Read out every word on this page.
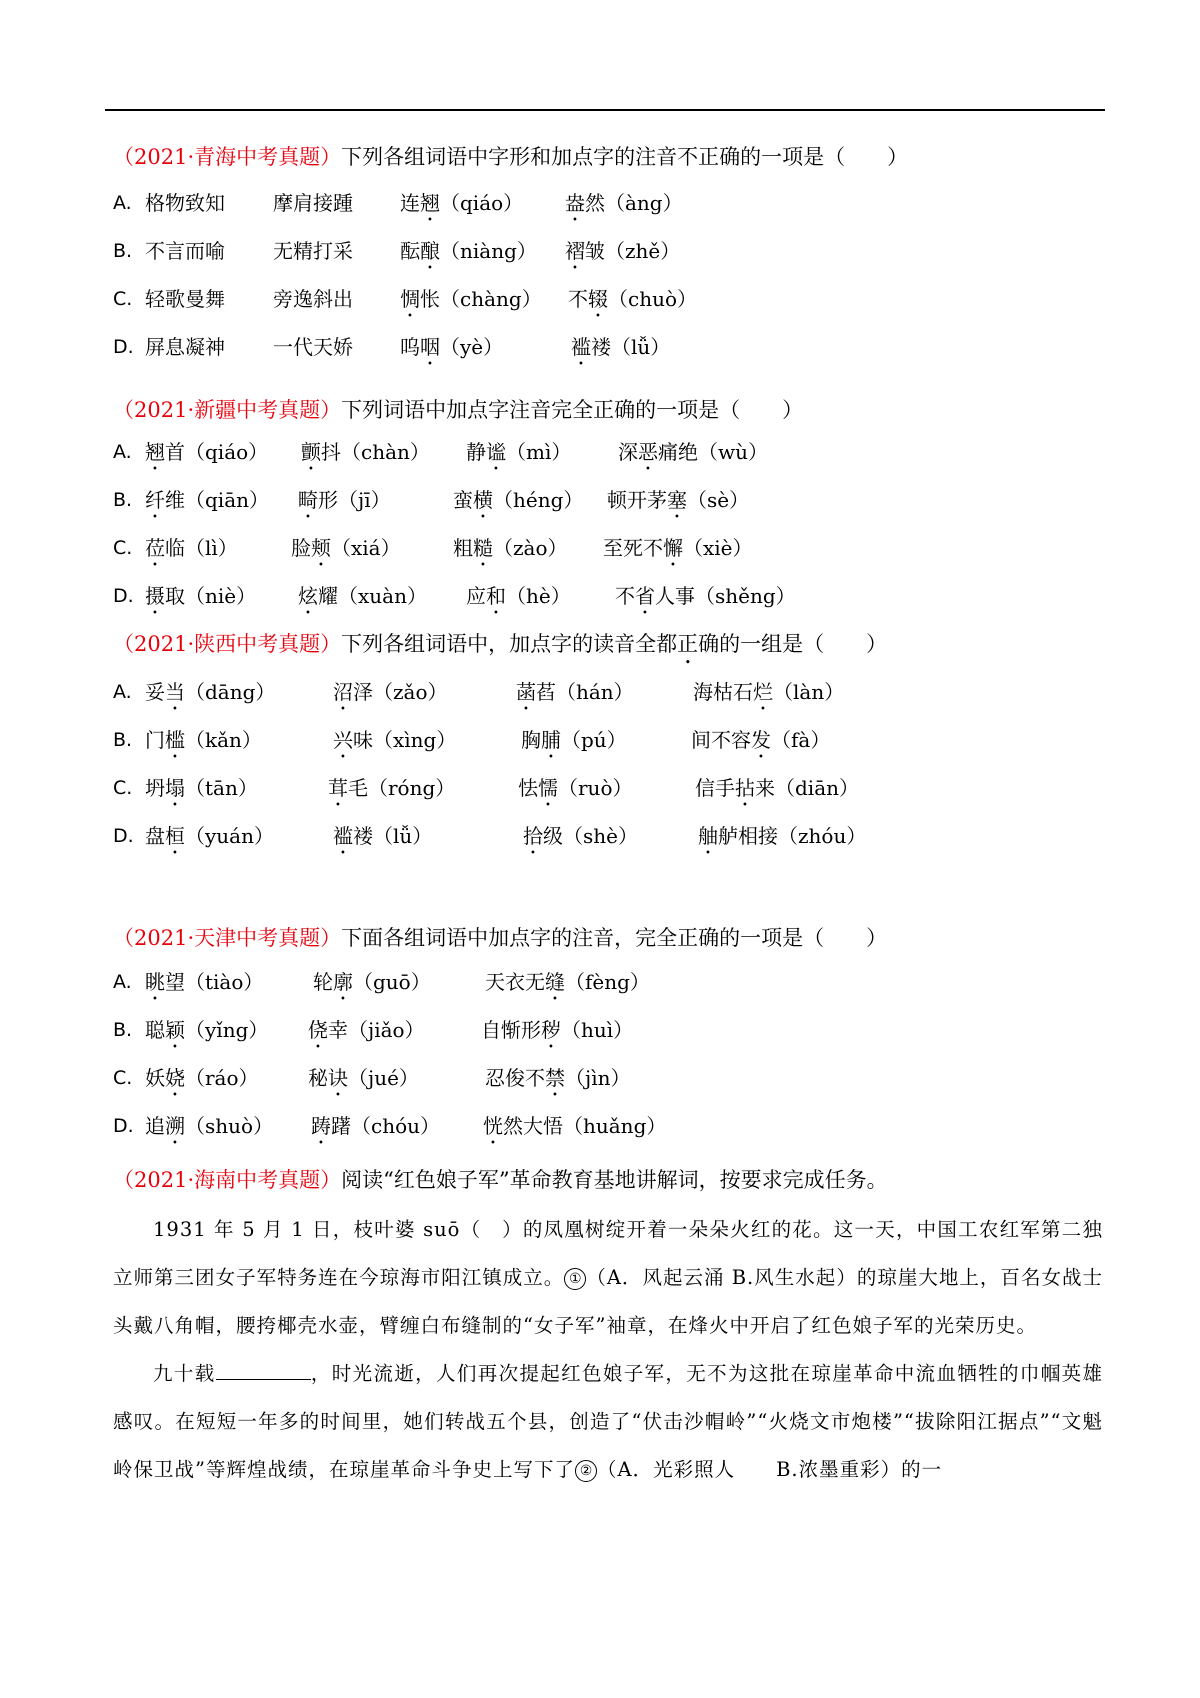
（2021·青海中考真题）下列各组词语中字形和加点字的注音不正确的一项是（　　）
A. 格物致知 摩肩接踵 连翘（qiáo） 盎然（àng）
B. 不言而喻 无精打采 酝酿（niàng） 褶皱（zhě）
C. 轻歌曼舞 旁逸斜出 惆怅（chàng） 不辍（chuò）
D. 屏息凝神 一代天娇 呜咽（yè）	褴褛（lǚ）
（2021·新疆中考真题）下列词语中加点字注音完全正确的一项是（　　）
A. 翘首（qiáo） 颤抖（chàn） 静谧（mì） 深恶痛绝（wù）
B. 纤维（qiān） 畸形（jī）	蛮横（héng） 顿开茅塞（sè）
C. 莅临（lì）	脸颊（xiá）	粗糙（zào） 至死不懈（xiè）
D. 摄取（niè） 炫耀（xuàn） 应和（hè） 不省人事（shěng）
（2021·陕西中考真题）下列各组词语中，加点字的读音全都正确的一组是（　　）
A. 妥当（dāng）	沼泽（zǎo）	菡萏（hán）	海枯石烂（làn）
B. 门槛（kǎn）	兴味（xìng）	胸脯（pú）	间不容发（fà）
C. 坍塌（tān）	茸毛（róng）	怯懦（ruò）	信手拈来（diān）
D. 盘桓（yuán）	褴褛（lǚ）	拾级（shè）	舳舻相接（zhóu）
（2021·天津中考真题）下面各组词语中加点字的注音，完全正确的一项是（　　）
A. 眺望（tiào） 轮廓（guō）	天衣无缝（fèng）
B. 聪颖（yǐng） 侥幸（jiǎo）	自惭形秽（huì）
C. 妖娆（ráo） 秘诀（jué）	忍俊不禁（jìn）
D. 追溯（shuò） 踌躇（chóu） 恍然大悟（huǎng）
（2021·海南中考真题）阅读“红色娘子军”革命教育基地讲解词，按要求完成任务。
1931 年 5 月 1 日，枝叶婆 suō（　）的凤凰树绽开着一朵朵火红的花。这一天，中国工农红军第二独立师第三团女子军特务连在今琼海市阳江镇成立。 ① （A．风起云涌 B.风生水起）的琼崖大地上，百名女战士头戴八角帽，腰挎椰壳水壶，臂缠白布缝制的“女子军”袖章，在烽火中开启了红色娘子军的光荣历史。
九十载	，时光流逝，人们再次提起红色娘子军，无不为这批在琼崖革命中流血牺牲的巾帼英雄感叹。在短短一年多的时间里，她们转战五个县，创造了“伏击沙帽岭”“火烧文市炮楼”“拔除阳江据点”“文魁岭保卫战”等辉煌战绩，在琼崖革命斗争史上写下了 ② （A．光彩照人　　B.浓墨重彩）的一
